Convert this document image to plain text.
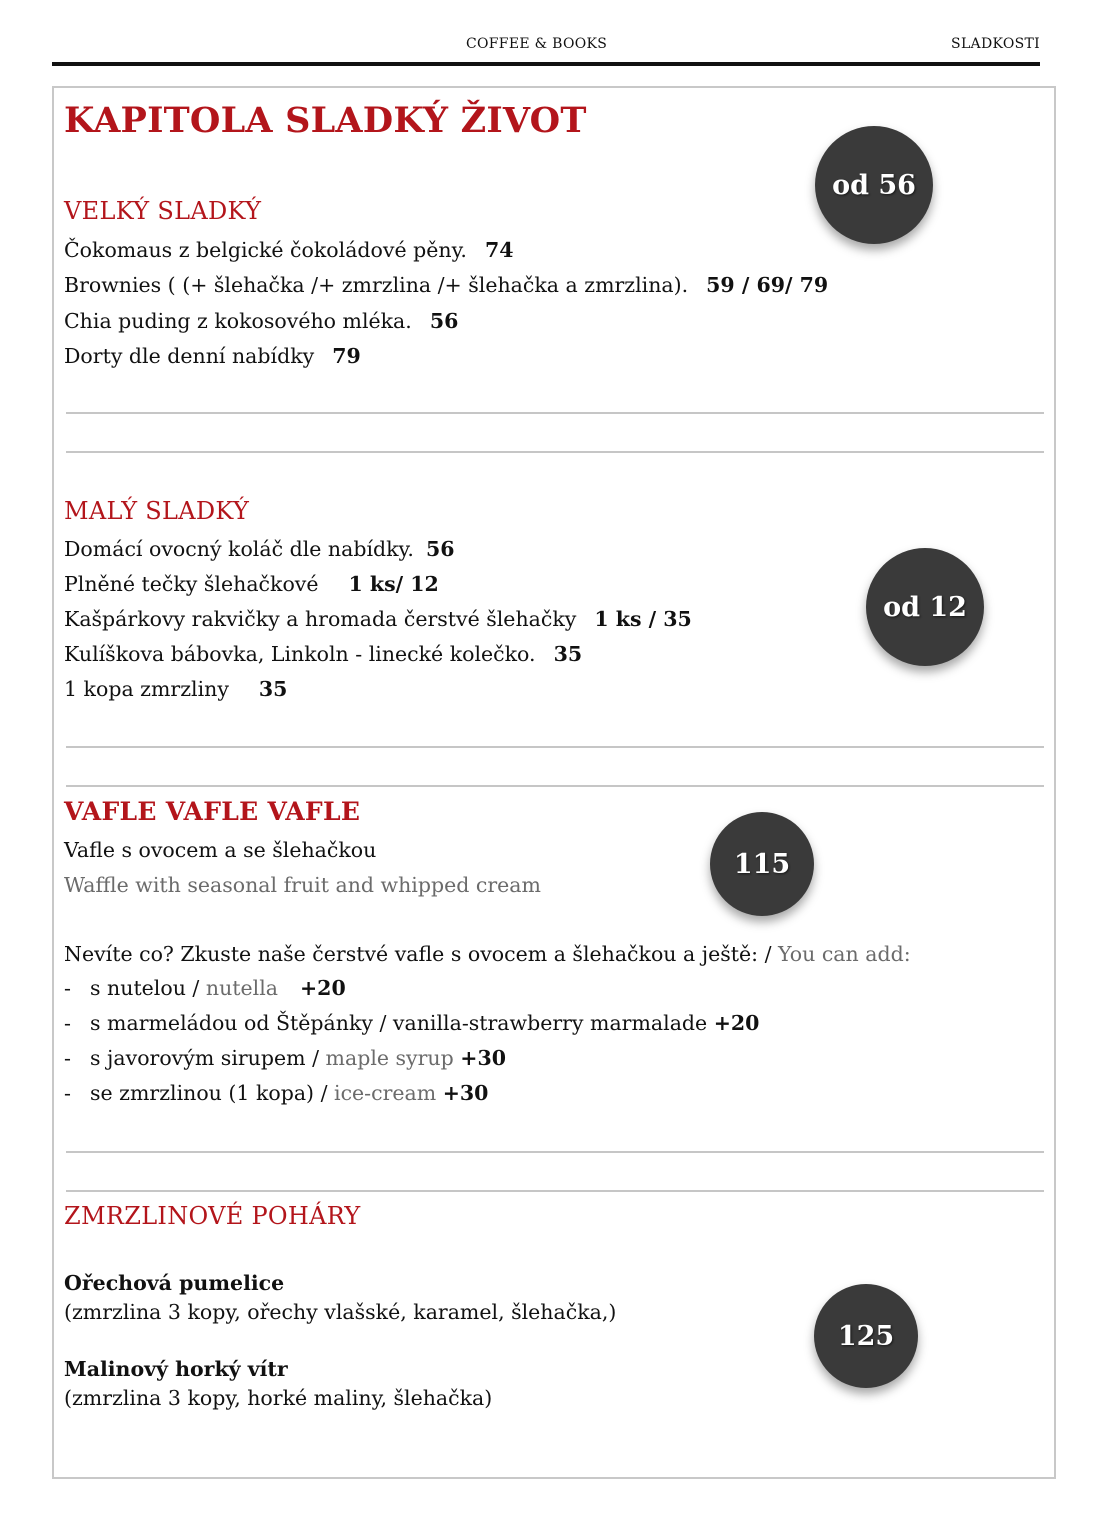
COFFEE & BOOKS	SLADKOSTI
KAPITOLA SLADKÝ ŽIVOT
VELKÝ SLADKÝ
od 56
Čokomaus z belgické čokoládové pěny. 74
Brownies ( (+ šlehačka /+ zmrzlina /+ šlehačka a zmrzlina). 59 / 69/ 79
Chia puding z kokosového mléka. 56
Dorty dle denní nabídky 79
MALÝ SLADKÝ
od 12
Domácí ovocný koláč dle nabídky. 56
Plněné tečky šlehačkové 1 ks/ 12
Kašpárkovy rakvičky a hromada čerstvé šlehačky 1 ks / 35
Kulíškova bábovka, Linkoln - linecké kolečko. 35
1 kopa zmrzliny 35
VAFLE VAFLE VAFLE
115
Vafle s ovocem a se šlehačkou
Waffle with seasonal fruit and whipped cream
Nevíte co? Zkuste naše čerstvé vafle s ovocem a šlehačkou a ještě: / You can add:
- s nutelou / nutella +20
- s marmeládou od Štěpánky / vanilla-strawberry marmalade +20
- s javorovým sirupem / maple syrup +30
- se zmrzlinou (1 kopa) / ice-cream +30
ZMRZLINOVÉ POHÁRY
125
Ořechová pumelice
(zmrzlina 3 kopy, ořechy vlašské, karamel, šlehačka,)
Malinový horký vítr
(zmrzlina 3 kopy, horké maliny, šlehačka)
